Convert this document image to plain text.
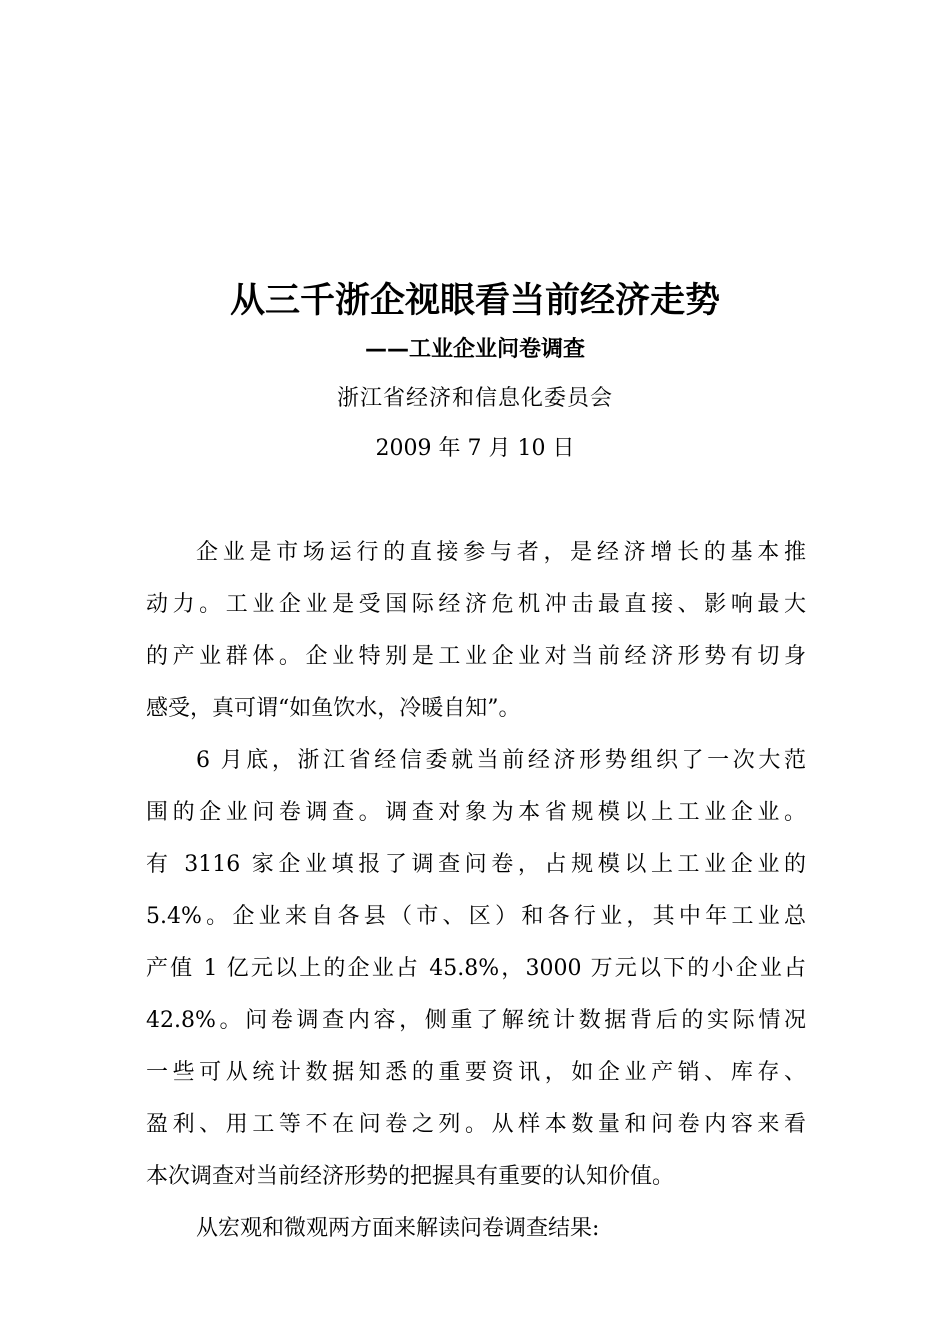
从三千浙企视眼看当前经济走势
——工业企业问卷调查
浙江省经济和信息化委员会
2009 年 7 月 10 日
企业是市场运行的直接参与者，是经济增长的基本推
动力。工业企业是受国际经济危机冲击最直接、影响最大
的产业群体。企业特别是工业企业对当前经济形势有切身
感受，真可谓“如鱼饮水，冷暖自知”。
6 月底，浙江省经信委就当前经济形势组织了一次大范
围的企业问卷调查。调查对象为本省规模以上工业企业。
有 3116 家企业填报了调查问卷，占规模以上工业企业的
5.4%。企业来自各县（市、区）和各行业，其中年工业总
产值 1 亿元以上的企业占 45.8%，3000 万元以下的小企业占
42.8%。问卷调查内容，侧重了解统计数据背后的实际情况
一些可从统计数据知悉的重要资讯，如企业产销、库存、
盈利、用工等不在问卷之列。从样本数量和问卷内容来看
本次调查对当前经济形势的把握具有重要的认知价值。
从宏观和微观两方面来解读问卷调查结果:
